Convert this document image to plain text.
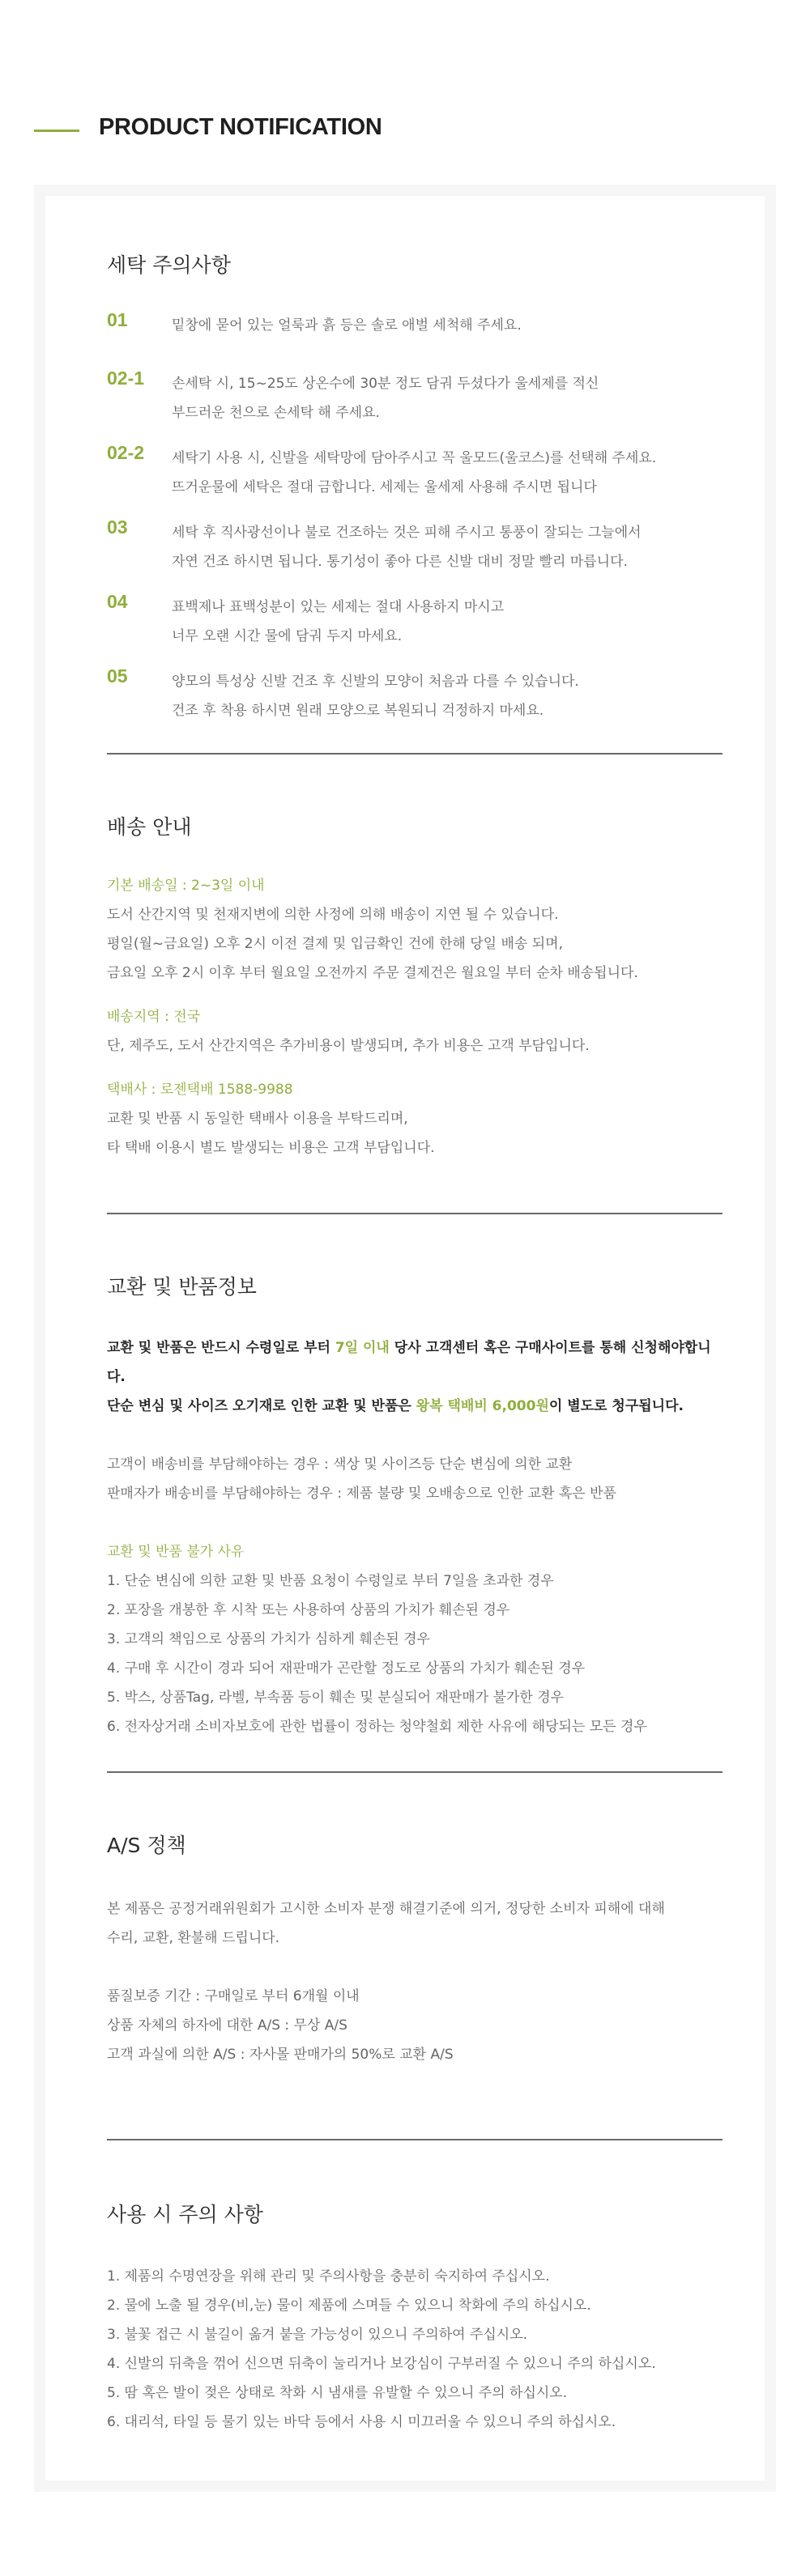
PRODUCT NOTIFICATION
세탁 주의사항
01	밑창에 묻어 있는 얼룩과 흙 등은 솔로 애벌 세척해 주세요.
02-1	손세탁 시, 15~25도 상온수에 30분 정도 담궈 두셨다가 울세제를 적신
부드러운 천으로 손세탁 해 주세요.
02-2	세탁기 사용 시, 신발을 세탁망에 담아주시고 꼭 울모드(울코스)를 선택해 주세요.
뜨거운물에 세탁은 절대 금합니다. 세제는 울세제 사용해 주시면 됩니다
03	세탁 후 직사광선이나 불로 건조하는 것은 피해 주시고 통풍이 잘되는 그늘에서
자연 건조 하시면 됩니다. 통기성이 좋아 다른 신발 대비 정말 빨리 마릅니다.
04	표백제나 표백성분이 있는 세제는 절대 사용하지 마시고
너무 오랜 시간 물에 담궈 두지 마세요.
05	양모의 특성상 신발 건조 후 신발의 모양이 처음과 다를 수 있습니다.
건조 후 착용 하시면 원래 모양으로 복원되니 걱정하지 마세요.
배송 안내

기본 배송일 : 2~3일 이내

도서 산간지역 및 천재지변에 의한 사정에 의해 배송이 지연 될 수 있습니다.

평일(월~금요일) 오후 2시 이전 결제 및 입금확인 건에 한해 당일 배송 되며,

금요일 오후 2시 이후 부터 월요일 오전까지 주문 결제건은 월요일 부터 순차 배송됩니다.

배송지역 : 전국

단, 제주도, 도서 산간지역은 추가비용이 발생되며, 추가 비용은 고객 부담입니다.

택배사 : 로젠택배 1588-9988

교환 및 반품 시 동일한 택배사 이용을 부탁드리며,

타 택배 이용시 별도 발생되는 비용은 고객 부담입니다.

교환 및 반품정보

교환 및 반품은 반드시 수령일로 부터 7일 이내 당사 고객센터 혹은 구매사이트를 통해 신청해야합니다.

단순 변심 및 사이즈 오기재로 인한 교환 및 반품은 왕복 택배비 6,000원이 별도로 청구됩니다.

고객이 배송비를 부담해야하는 경우 : 색상 및 사이즈등 단순 변심에 의한 교환

판매자가 배송비를 부담해야하는 경우 : 제품 불량 및 오배송으로 인한 교환 혹은 반품

교환 및 반품 불가 사유

1. 단순 변심에 의한 교환 및 반품 요청이 수령일로 부터 7일을 초과한 경우

2. 포장을 개봉한 후 시착 또는 사용하여 상품의 가치가 훼손된 경우

3. 고객의 책임으로 상품의 가치가 심하게 훼손된 경우

4. 구매 후 시간이 경과 되어 재판매가 곤란할 정도로 상품의 가치가 훼손된 경우

5. 박스, 상품Tag, 라벨, 부속품 등이 훼손 및 분실되어 재판매가 불가한 경우

6. 전자상거래 소비자보호에 관한 법률이 정하는 청약철회 제한 사유에 해당되는 모든 경우

A/S 정책

본 제품은 공정거래위원회가 고시한 소비자 분쟁 해결기준에 의거, 정당한 소비자 피해에 대해

수리, 교환, 환불해 드립니다.

품질보증 기간 : 구매일로 부터 6개월 이내

상품 자체의 하자에 대한 A/S : 무상 A/S

고객 과실에 의한 A/S : 자사몰 판매가의 50%로 교환 A/S

사용 시 주의 사항

1. 제품의 수명연장을 위해 관리 및 주의사항을 충분히 숙지하여 주십시오.

2. 물에 노출 될 경우(비,눈) 물이 제품에 스며들 수 있으니 착화에 주의 하십시오.

3. 불꽃 접근 시 불길이 옮겨 붙을 가능성이 있으니 주의하여 주십시오.

4. 신발의 뒤축을 꺾어 신으면 뒤축이 눌리거나 보강심이 구부러질 수 있으니 주의 하십시오.

5. 땀 혹은 발이 젖은 상태로 착화 시 냄새를 유발할 수 있으니 주의 하십시오.

6. 대리석, 타일 등 물기 있는 바닥 등에서 사용 시 미끄러울 수 있으니 주의 하십시오.
